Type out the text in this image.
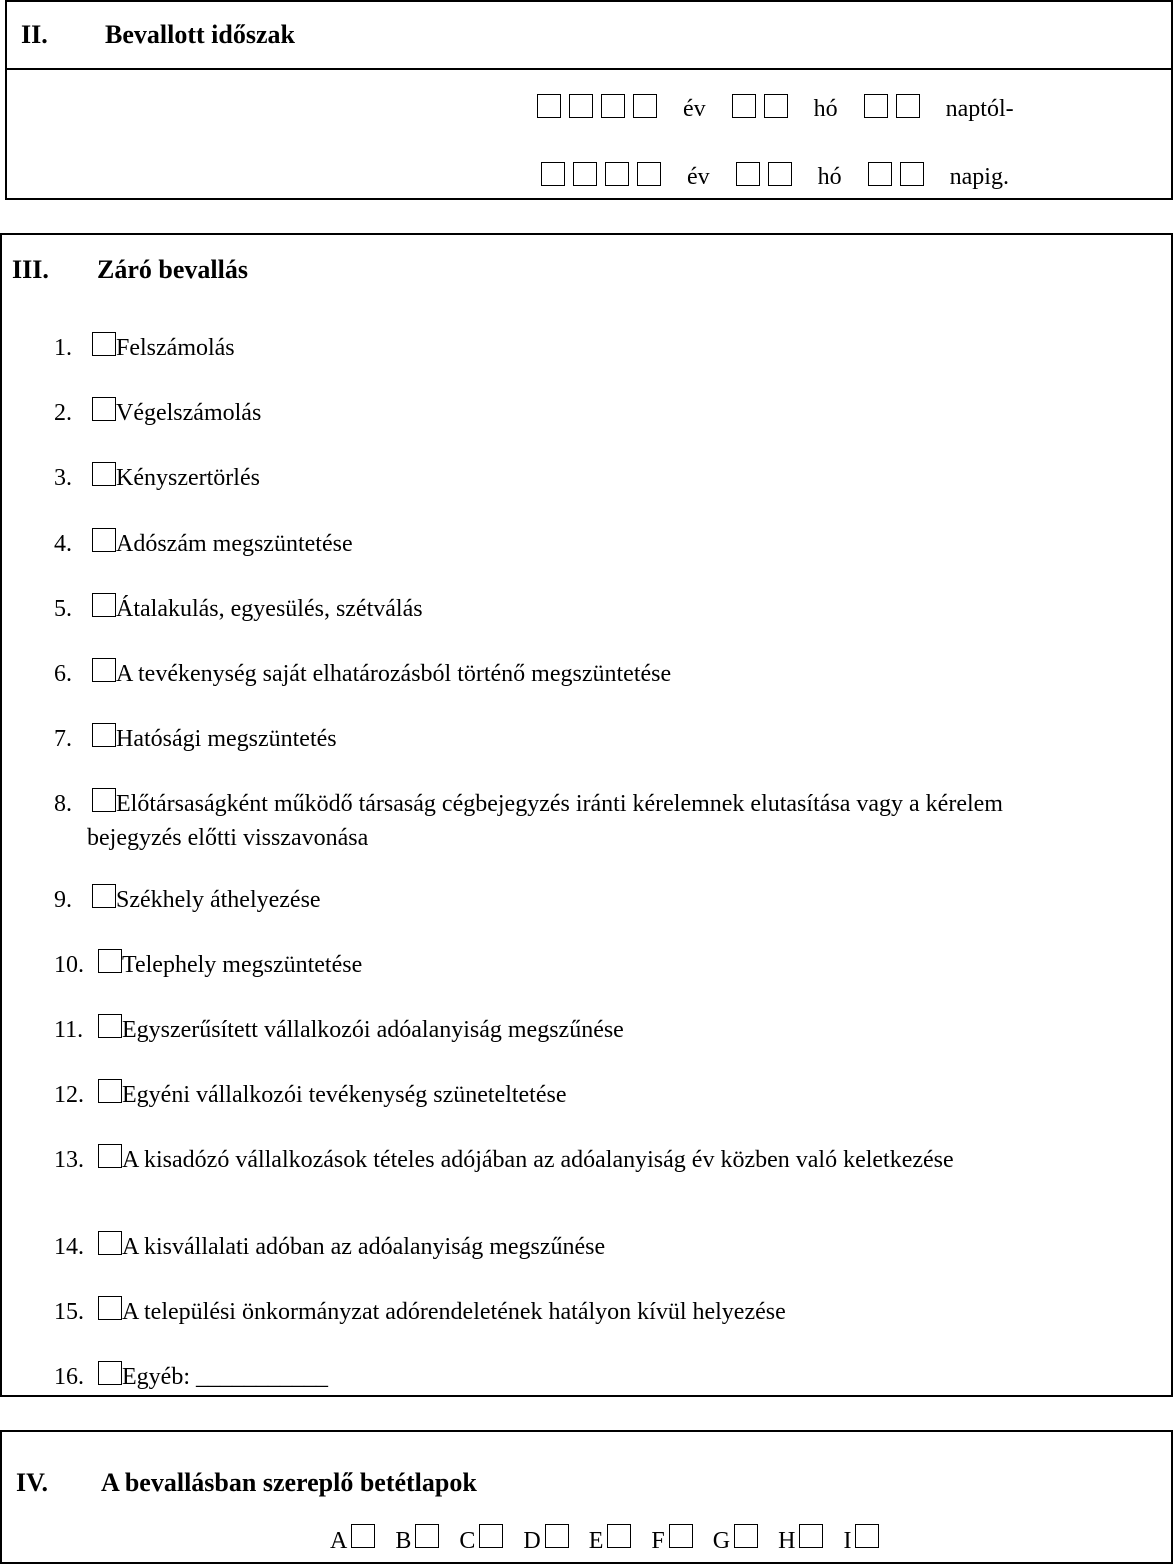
II. Bevallott időszak
év	hó	naptól-
év	hó	napig.
III. Záró bevallás
1. Felszámolás
2. Végelszámolás
3. Kényszertörlés
4. Adószám megszüntetése
5. Átalakulás, egyesülés, szétválás
6. A tevékenység saját elhatározásból történő megszüntetése
7. Hatósági megszüntetés
8. Előtársaságként működő társaság cégbejegyzés iránti kérelemnek elutasítása vagy a kérelem
bejegyzés előtti visszavonása
9. Székhely áthelyezése
10. Telephely megszüntetése
11. Egyszerűsített vállalkozói adóalanyiság megszűnése
12. Egyéni vállalkozói tevékenység szüneteltetése
13. A kisadózó vállalkozások tételes adójában az adóalanyiság év közben való keletkezése
14. A kisvállalati adóban az adóalanyiság megszűnése
15. A települési önkormányzat adórendeletének hatályon kívül helyezése
16. Egyéb: ___________
IV. A bevallásban szereplő betétlapok
A B C D E F G H I
